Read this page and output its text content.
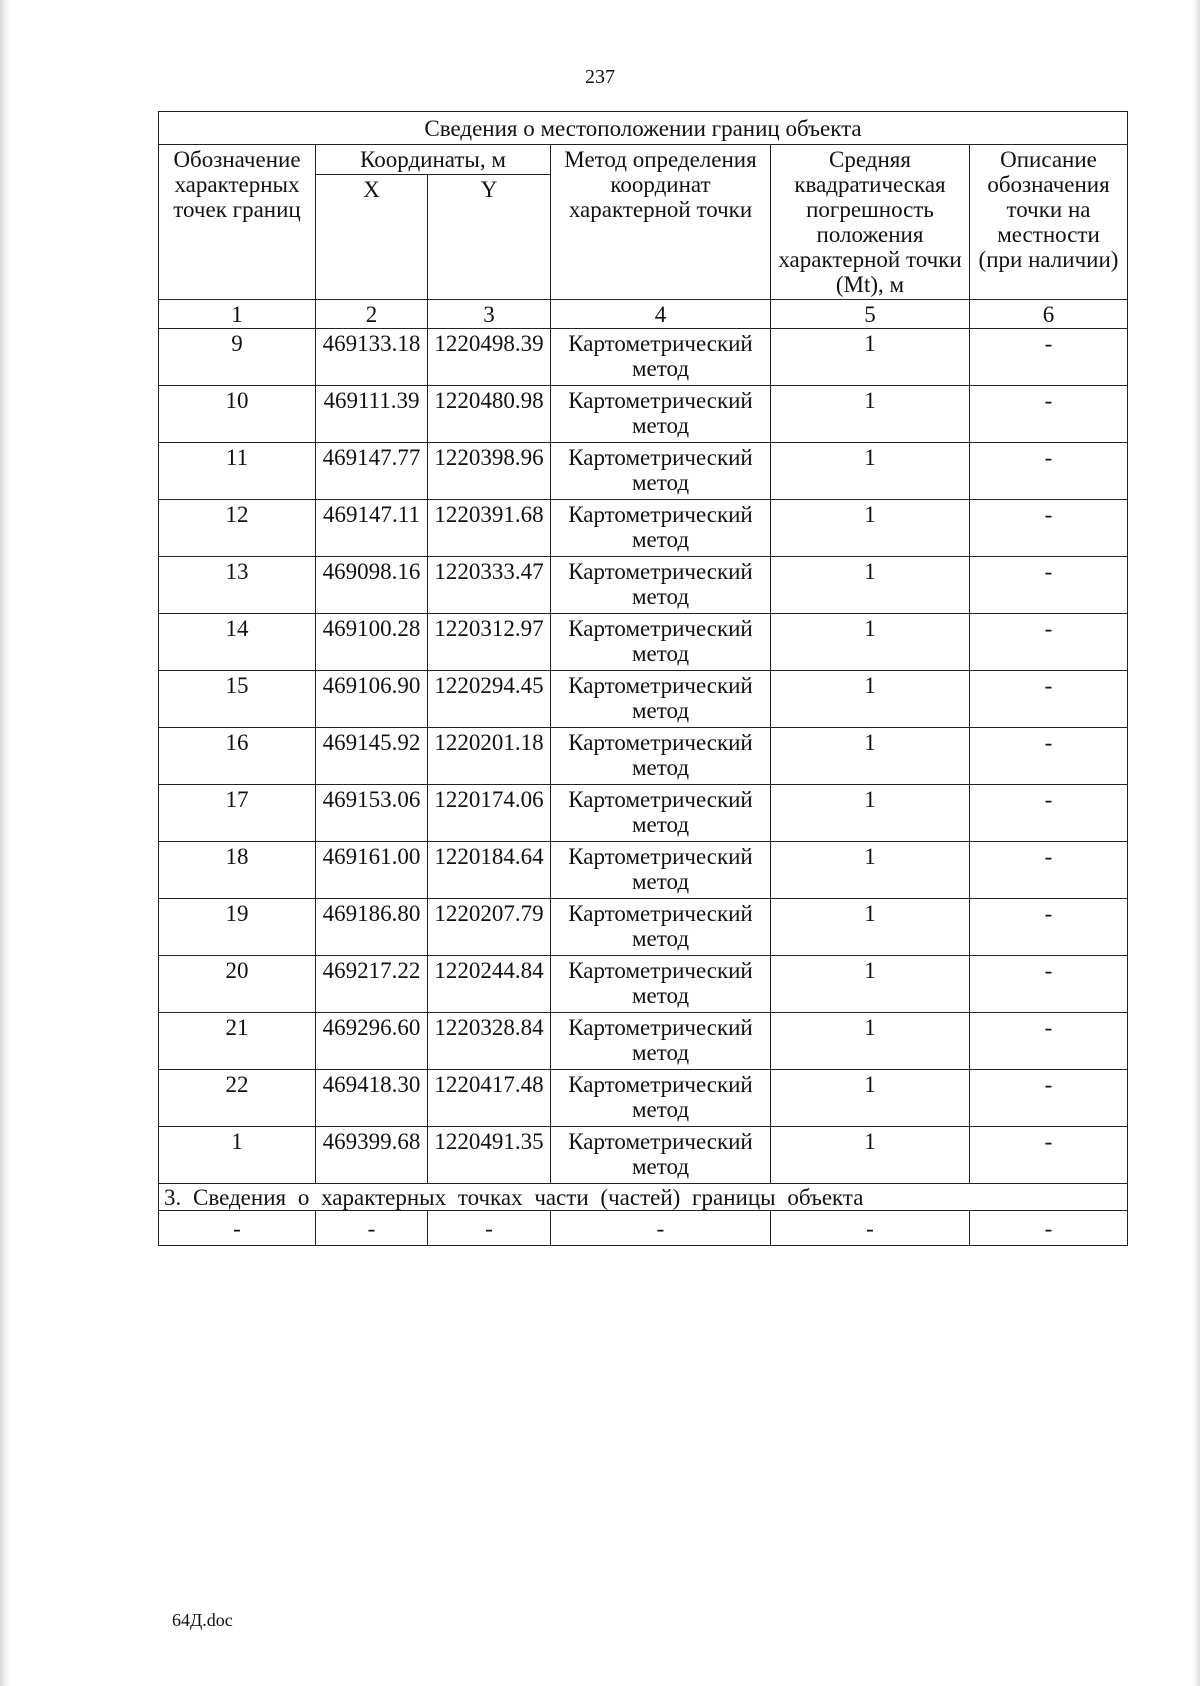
237
Сведения о местоположении границ объекта					
Обозначение характерных точек границ	Координаты, м		Метод определения координат характерной точки	Средняя квадратическая погрешность положения характерной точки (Mt), м	Описание обозначения точки на местности (при наличии)
	X	Y			
1	2	3	4	5	6
9	469133.18	1220498.39	Картометрический метод	1	-
10	469111.39	1220480.98	Картометрический метод	1	-
11	469147.77	1220398.96	Картометрический метод	1	-
12	469147.11	1220391.68	Картометрический метод	1	-
13	469098.16	1220333.47	Картометрический метод	1	-
14	469100.28	1220312.97	Картометрический метод	1	-
15	469106.90	1220294.45	Картометрический метод	1	-
16	469145.92	1220201.18	Картометрический метод	1	-
17	469153.06	1220174.06	Картометрический метод	1	-
18	469161.00	1220184.64	Картометрический метод	1	-
19	469186.80	1220207.79	Картометрический метод	1	-
20	469217.22	1220244.84	Картометрический метод	1	-
21	469296.60	1220328.84	Картометрический метод	1	-
22	469418.30	1220417.48	Картометрический метод	1	-
1	469399.68	1220491.35	Картометрический метод	1	-
3. Сведения о характерных точках части (частей) границы объекта					
-	-	-	-	-	-
64Д.doc
